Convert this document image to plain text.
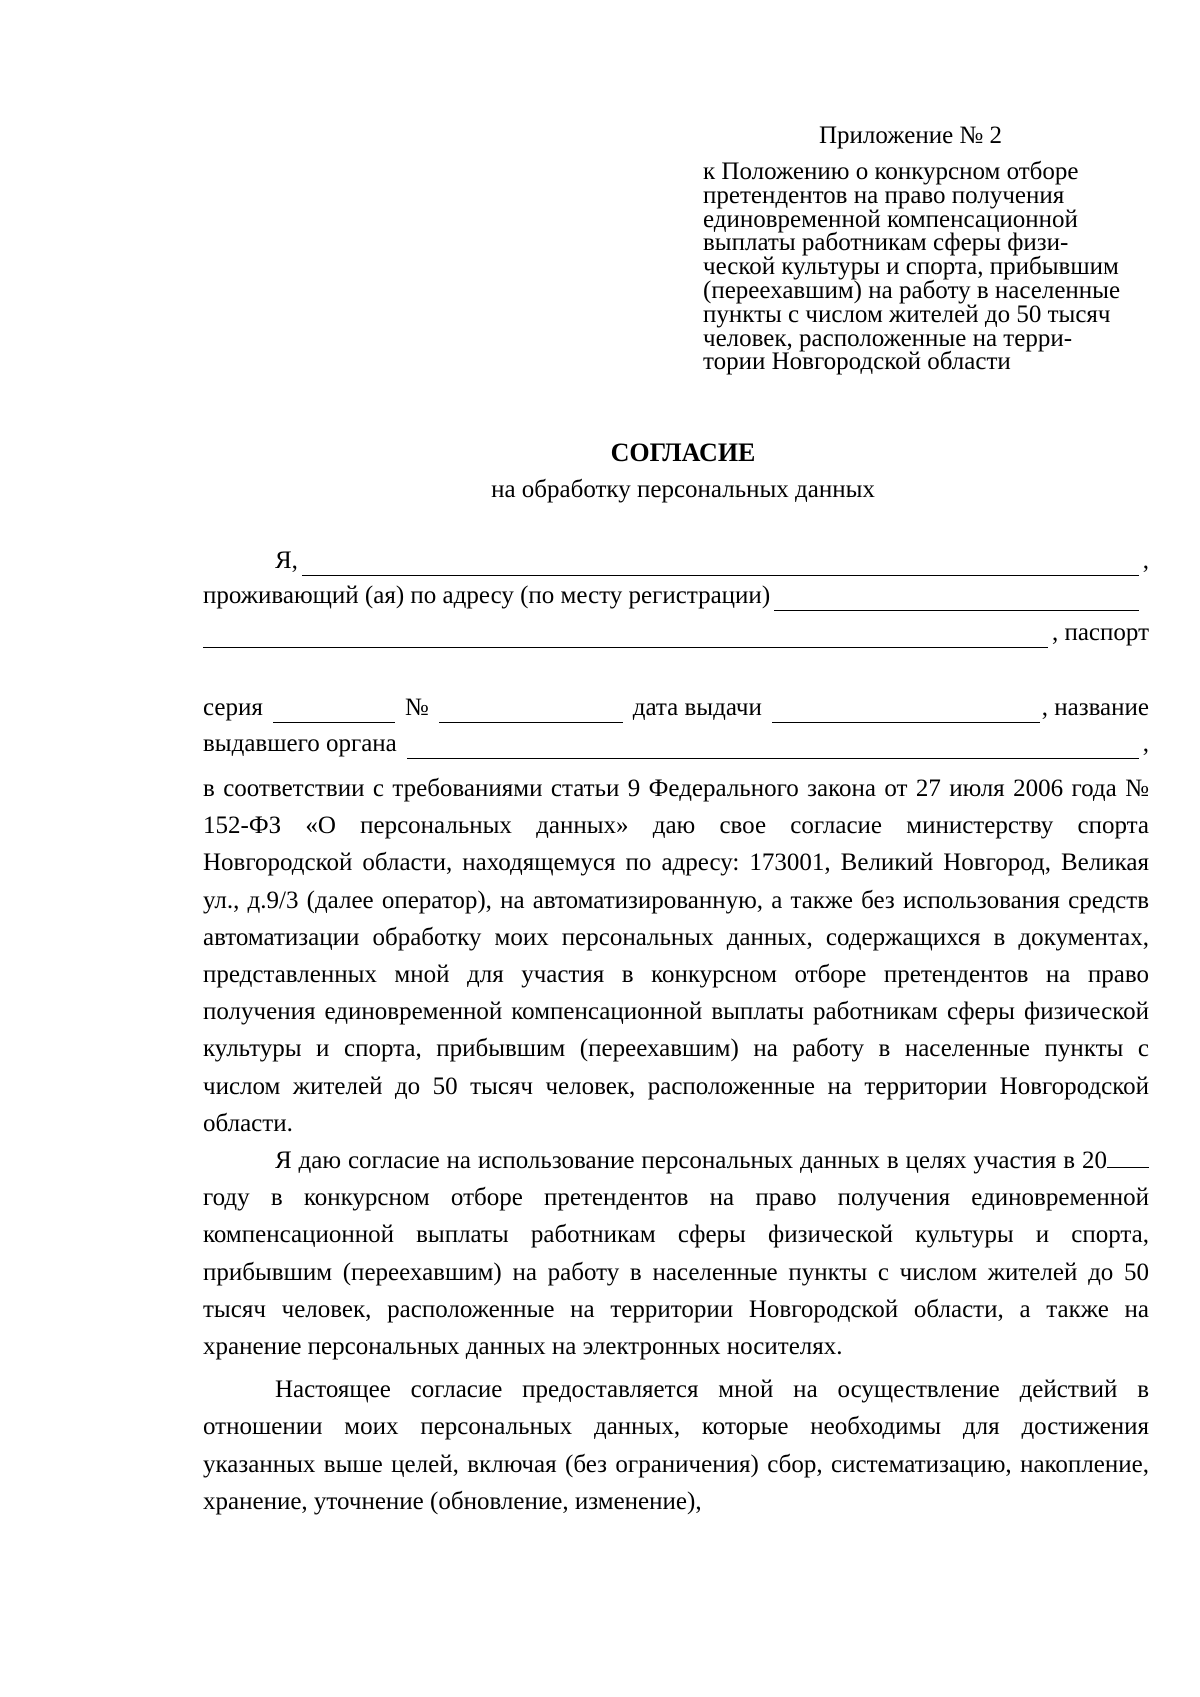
Приложение № 2
к Положению о конкурсном отборе
претендентов на право получения
единовременной компенсационной
выплаты работникам сферы физи-
ческой культуры и спорта, прибывшим
(переехавшим) на работу в населенные
пункты с числом жителей до 50 тысяч
человек, расположенные на терри-
тории Новгородской области
СОГЛАСИЕ
на обработку персональных данных
Я,	,
проживающий (ая) по адресу (по месту регистрации)
, паспорт
серия	№	дата выдачи	, название
выдавшего органа	,

в соответствии с требованиями статьи 9 Федерального закона от 27 июля 2006 года № 152-ФЗ «О персональных данных» даю свое согласие министерству спорта Новгородской области, находящемуся по адресу: 173001, Великий Новгород, Великая ул., д.9/3 (далее оператор), на автоматизированную, а также без использования средств автоматизации обработку моих персональных данных, содержащихся в документах, представленных мной для участия в конкурсном отборе претендентов на право получения единовременной компенсационной выплаты работникам сферы физической культуры и спорта, прибывшим (переехавшим) на работу в населенные пункты с числом жителей до 50 тысяч человек, расположенные на территории Новгородской области.

Я даю согласие на использование персональных данных в целях участия в 20 году в конкурсном отборе претендентов на право получения единовременной компенсационной выплаты работникам сферы физической культуры и спорта, прибывшим (переехавшим) на работу в населенные пункты с числом жителей до 50 тысяч человек, расположенные на территории Новгородской области, а также на хранение персональных данных на электронных носителях.

Настоящее согласие предоставляется мной на осуществление действий в отношении моих персональных данных, которые необходимы для достижения указанных выше целей, включая (без ограничения) сбор, систематизацию, накопление, хранение, уточнение (обновление, изменение),
